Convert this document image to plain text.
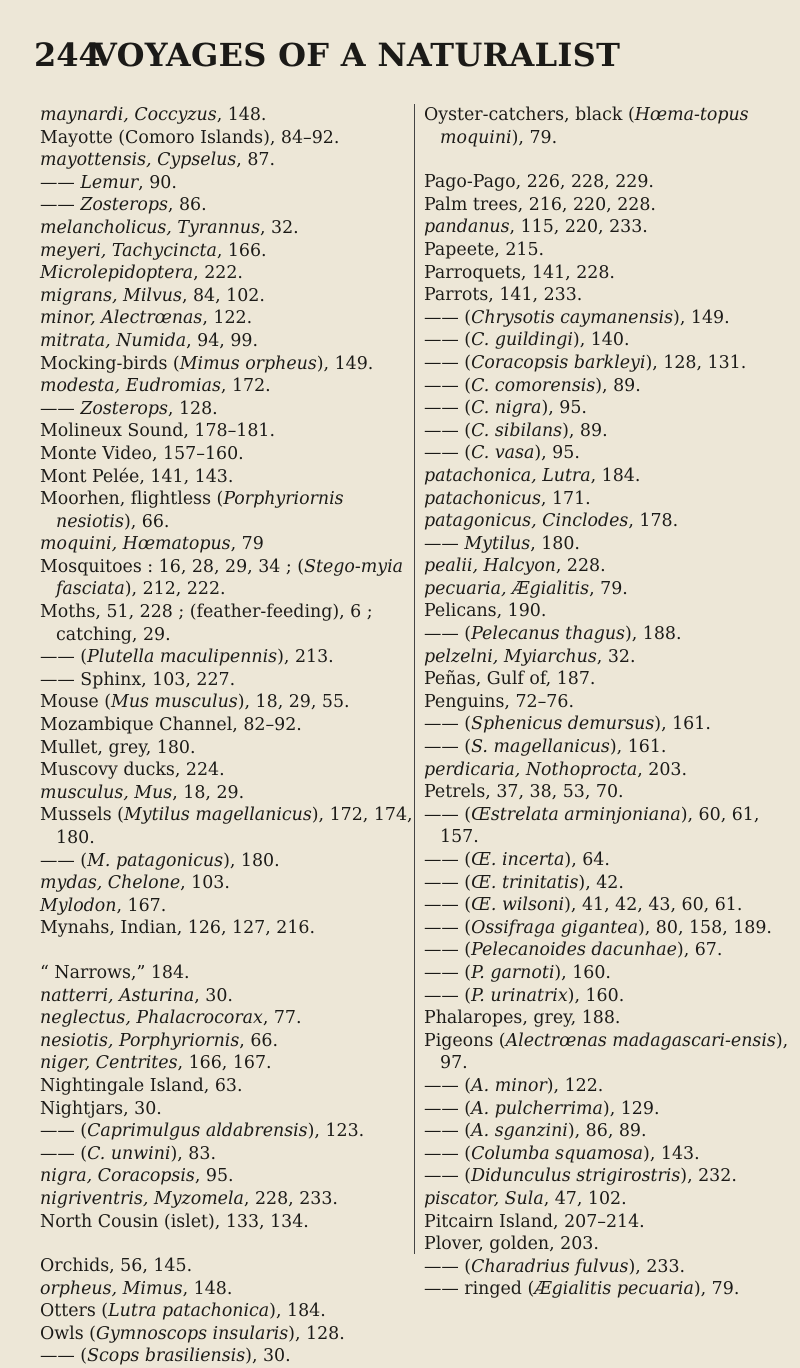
244
VOYAGES OF A NATURALIST
maynardi, Coccyzus, 148.
Mayotte (Comoro Islands), 84–92.
mayottensis, Cypselus, 87.
—— Lemur, 90.
—— Zosterops, 86.
melancholicus, Tyrannus, 32.
meyeri, Tachycincta, 166.
Microlepidoptera, 222.
migrans, Milvus, 84, 102.
minor, Alectrœnas, 122.
mitrata, Numida, 94, 99.
Mocking-birds (Mimus orpheus), 149.
modesta, Eudromias, 172.
—— Zosterops, 128.
Molineux Sound, 178–181.
Monte Video, 157–160.
Mont Pelée, 141, 143.
Moorhen, flightless (Porphyriornis nesiotis), 66.
moquini, Hœmatopus, 79
Mosquitoes : 16, 28, 29, 34 ; (Stego-myia fasciata), 212, 222.
Moths, 51, 228 ; (feather-feeding), 6 ; catching, 29.
—— (Plutella maculipennis), 213.
—— Sphinx, 103, 227.
Mouse (Mus musculus), 18, 29, 55.
Mozambique Channel, 82–92.
Mullet, grey, 180.
Muscovy ducks, 224.
musculus, Mus, 18, 29.
Mussels (Mytilus magellanicus), 172, 174, 180.
—— (M. patagonicus), 180.
mydas, Chelone, 103.
Mylodon, 167.
Mynahs, Indian, 126, 127, 216.
“ Narrows,” 184.
natterri, Asturina, 30.
neglectus, Phalacrocorax, 77.
nesiotis, Porphyriornis, 66.
niger, Centrites, 166, 167.
Nightingale Island, 63.
Nightjars, 30.
—— (Caprimulgus aldabrensis), 123.
—— (C. unwini), 83.
nigra, Coracopsis, 95.
nigriventris, Myzomela, 228, 233.
North Cousin (islet), 133, 134.
Orchids, 56, 145.
orpheus, Mimus, 148.
Otters (Lutra patachonica), 184.
Owls (Gymnoscops insularis), 128.
—— (Scops brasiliensis), 30.
Oyster-catchers, black (Hœma-topus moquini), 79.
Pago-Pago, 226, 228, 229.
Palm trees, 216, 220, 228.
pandanus, 115, 220, 233.
Papeete, 215.
Parroquets, 141, 228.
Parrots, 141, 233.
—— (Chrysotis caymanensis), 149.
—— (C. guildingi), 140.
—— (Coracopsis barkleyi), 128, 131.
—— (C. comorensis), 89.
—— (C. nigra), 95.
—— (C. sibilans), 89.
—— (C. vasa), 95.
patachonica, Lutra, 184.
patachonicus, 171.
patagonicus, Cinclodes, 178.
—— Mytilus, 180.
pealii, Halcyon, 228.
pecuaria, Ægialitis, 79.
Pelicans, 190.
—— (Pelecanus thagus), 188.
pelzelni, Myiarchus, 32.
Peñas, Gulf of, 187.
Penguins, 72–76.
—— (Sphenicus demursus), 161.
—— (S. magellanicus), 161.
perdicaria, Nothoprocta, 203.
Petrels, 37, 38, 53, 70.
—— (Œstrelata arminjoniana), 60, 61, 157.
—— (Œ. incerta), 64.
—— (Œ. trinitatis), 42.
—— (Œ. wilsoni), 41, 42, 43, 60, 61.
—— (Ossifraga gigantea), 80, 158, 189.
—— (Pelecanoides dacunhae), 67.
—— (P. garnoti), 160.
—— (P. urinatrix), 160.
Phalaropes, grey, 188.
Pigeons (Alectrœnas madagascari-ensis), 97.
—— (A. minor), 122.
—— (A. pulcherrima), 129.
—— (A. sganzini), 86, 89.
—— (Columba squamosa), 143.
—— (Didunculus strigirostris), 232.
piscator, Sula, 47, 102.
Pitcairn Island, 207–214.
Plover, golden, 203.
—— (Charadrius fulvus), 233.
—— ringed (Ægialitis pecuaria), 79.
